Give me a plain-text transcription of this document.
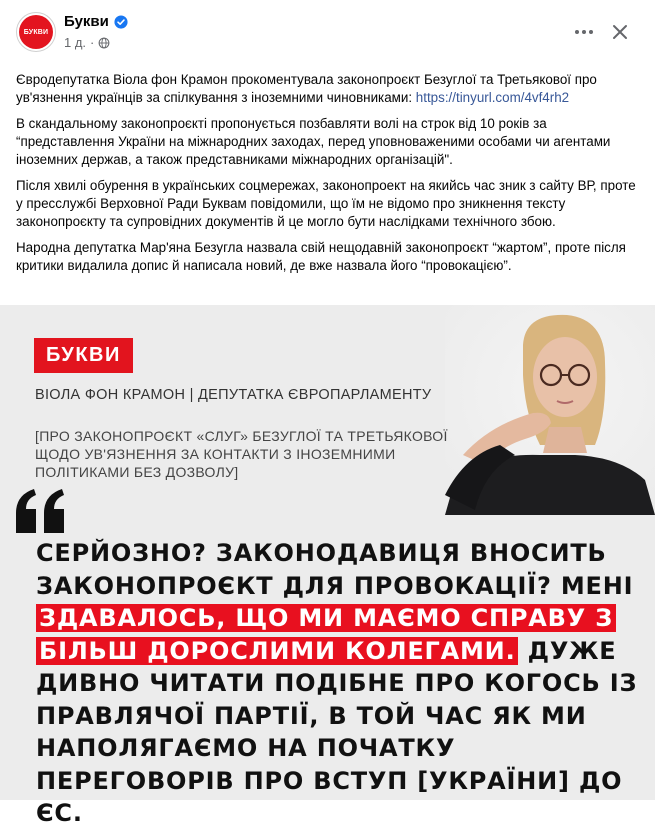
БУКВИ
Букви
1 д. ·

Євродепутатка Віола фон Крамон прокоментувала законопроєкт Безуглої та Третьякової про ув'язнення українців за спілкування з іноземними чиновниками: https://tinyurl.com/4vf4rh2

В скандальному законопроєкті пропонується позбавляти волі на строк від 10 років за “представлення України на міжнародних заходах, перед уповноваженими особами чи агентами іноземних держав, а також представниками міжнародних організацій".

Після хвилі обурення в українських соцмережах, законопроект на якийсь час зник з сайту ВР, проте у пресслужбі Верховної Ради Буквам повідомили, що їм не відомо про зникнення тексту законопроєкту та супровідних документів й це могло бути наслідками технічного збою.

Народна депутатка Мар'яна Безугла назвала свій нещодавній законопроєкт “жартом”, проте після критики видалила допис й написала новий, де вже назвала його “провокацією”.

БУКВИ
ВІОЛА ФОН КРАМОН | ДЕПУТАТКА ЄВРОПАРЛАМЕНТУ
[ПРО ЗАКОНОПРОЄКТ «СЛУГ» БЕЗУГЛОЇ ТА ТРЕТЬЯКОВОЇ ЩОДО УВ'ЯЗНЕННЯ ЗА КОНТАКТИ З ІНОЗЕМНИМИ ПОЛІТИКАМИ БЕЗ ДОЗВОЛУ]
СЕРЙОЗНО? ЗАКОНОДАВИЦЯ ВНОСИТЬ ЗАКОНОПРОЄКТ ДЛЯ ПРОВОКАЦІЇ? МЕНІ ЗДАВАЛОСЬ, ЩО МИ МАЄМО СПРАВУ З БІЛЬШ ДОРОСЛИМИ КОЛЕГАМИ. ДУЖЕ ДИВНО ЧИТАТИ ПОДІБНЕ ПРО КОГОСЬ ІЗ ПРАВЛЯЧОЇ ПАРТІЇ, В ТОЙ ЧАС ЯК МИ НАПОЛЯГАЄМО НА ПОЧАТКУ ПЕРЕГОВОРІВ ПРО ВСТУП [УКРАЇНИ] ДО ЄС.
